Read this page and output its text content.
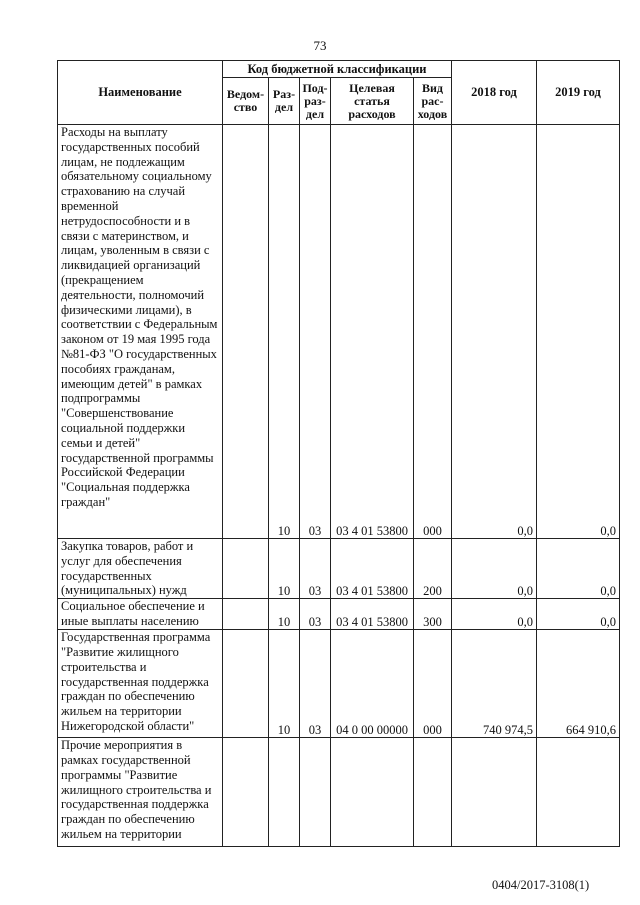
73
Наименование	Код бюджетной классификации					2018 год	2019 год
	Ведом-ство	Раз-дел	Под-раз-дел	Целевая статья расходов	Вид рас-ходов		
Расходы на выплату государственных пособий лицам, не подлежащим обязательному социальному страхованию на случай временной нетрудоспособности и в связи с материнством, и лицам, уволенным в связи с ликвидацией организаций (прекращением деятельности, полномочий физическими лицами), в соответствии с Федеральным законом от 19 мая 1995 года №81-ФЗ "О государственных пособиях гражданам, имеющим детей" в рамках подпрограммы "Совершенствование социальной поддержки семьи и детей" государственной программы Российской Федерации "Социальная поддержка граждан"		10	03	03 4 01 53800	000	0,0	0,0
Закупка товаров, работ и услуг для обеспечения государственных (муниципальных) нужд		10	03	03 4 01 53800	200	0,0	0,0
Социальное обеспечение и иные выплаты населению		10	03	03 4 01 53800	300	0,0	0,0
Государственная программа "Развитие жилищного строительства и государственная поддержка граждан по обеспечению жильем на территории Нижегородской области"		10	03	04 0 00 00000	000	740 974,5	664 910,6
Прочие мероприятия в рамках государственной программы "Развитие жилищного строительства и государственная поддержка граждан по обеспечению жильем на территории							
0404/2017-3108(1)
